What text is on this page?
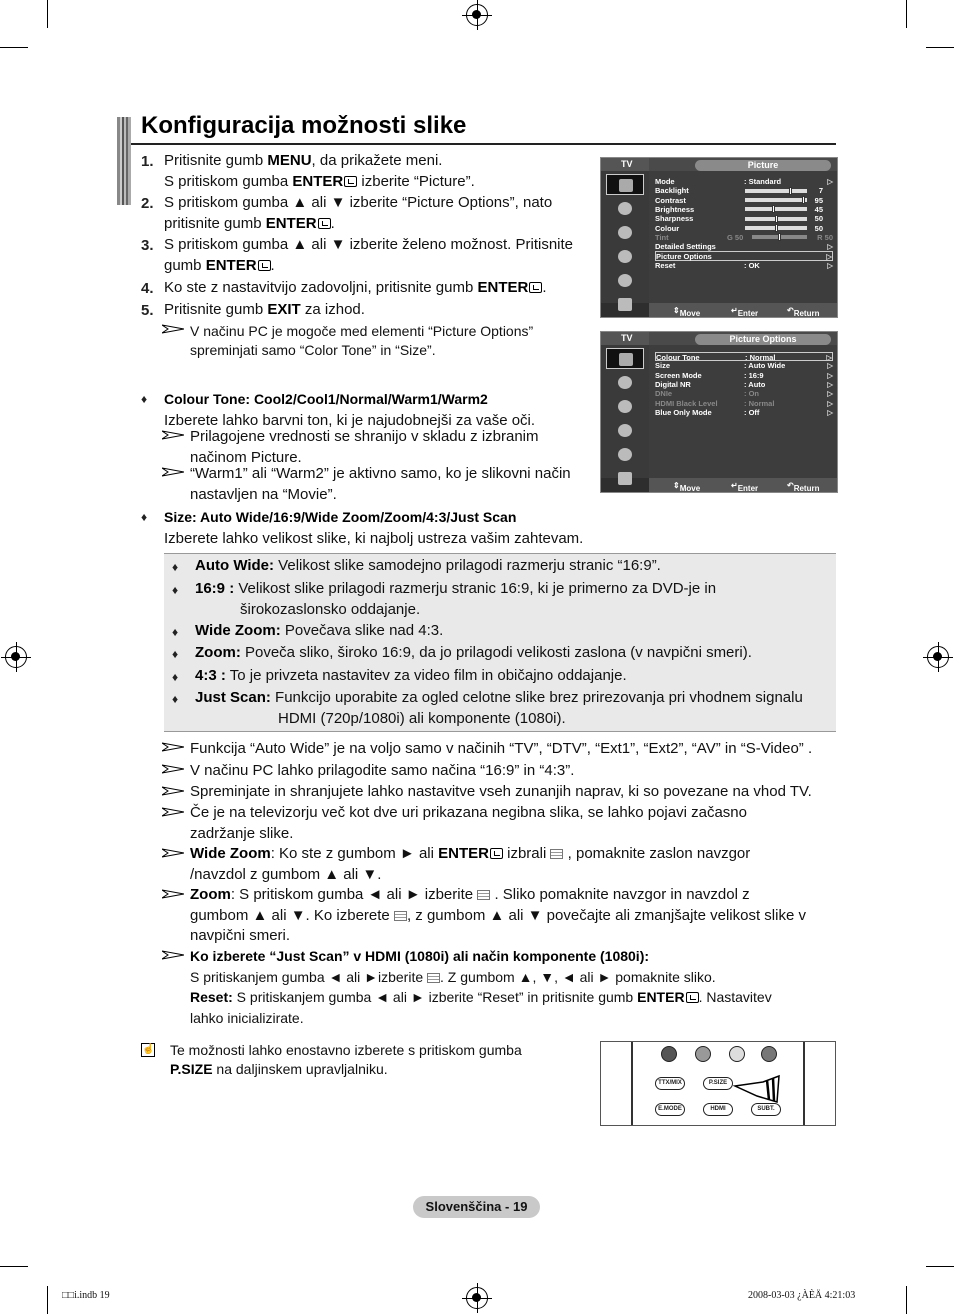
Konfiguracija možnosti slike
1. Pritisnite gumb MENU, da prikažete meni.
S pritiskom gumba ENTER izberite “Picture”.
2. S pritiskom gumba ▲ ali ▼ izberite “Picture Options”, nato
pritisnite gumb ENTER .
3. S pritiskom gumba ▲ ali ▼ izberite želeno možnost. Pritisnite
gumb ENTER .
4. Ko ste z nastavitvijo zadovoljni, pritisnite gumb ENTER .
5. Pritisnite gumb EXIT za izhod.
V načinu PC je mogoče med elementi “Picture Options”
spreminjati samo “Color Tone” in “Size”.
♦ Colour Tone: Cool2/Cool1/Normal/Warm1/Warm2
Izberete lahko barvni ton, ki je najudobnejši za vaše oči.
Prilagojene vrednosti se shranijo v skladu z izbranim
načinom Picture.
“Warm1” ali “Warm2” je aktivno samo, ko je slikovni način
nastavljen na “Movie”.
♦ Size: Auto Wide/16:9/Wide Zoom/Zoom/4:3/Just Scan
Izberete lahko velikost slike, ki najbolj ustreza vašim zahtevam.
♦ Auto Wide: Velikost slike samodejno prilagodi razmerju stranic “16:9”.
♦ 16:9 : Velikost slike prilagodi razmerju stranic 16:9, ki je primerno za DVD-je in
širokozaslonsko oddajanje.
♦ Wide Zoom: Povečava slike nad 4:3.
♦ Zoom: Poveča sliko, široko 16:9, da jo prilagodi velikosti zaslona (v navpični smeri).
♦ 4:3 : To je privzeta nastavitev za video film in običajno oddajanje.
♦ Just Scan: Funkcijo uporabite za ogled celotne slike brez prirezovanja pri vhodnem signalu
HDMI (720p/1080i) ali komponente (1080i).
Funkcija “Auto Wide” je na voljo samo v načinih “TV”, “DTV”, “Ext1”, “Ext2”, “AV” in “S-Video” .
V načinu PC lahko prilagodite samo načina “16:9” in “4:3”.
Spreminjate in shranjujete lahko nastavitve vseh zunanjih naprav, ki so povezane na vhod TV.
Če je na televizorju več kot dve uri prikazana negibna slika, se lahko pojavi začasno
zadržanje slike.
Wide Zoom: Ko ste z gumbom ► ali ENTER izbrali  , pomaknite zaslon navzgor
/navzdol z gumbom ▲ ali ▼.
Zoom: S pritiskom gumba ◄ ali ► izberite  . Sliko pomaknite navzgor in navzdol z
gumbom ▲ ali ▼. Ko izberete , z gumbom ▲ ali ▼ povečajte ali zmanjšajte velikost slike v
navpični smeri.
Ko izberete “Just Scan” v HDMI (1080i) ali način komponente (1080i):
S pritiskanjem gumba ◄ ali ►izberite . Z gumbom ▲, ▼, ◄ ali ► pomaknite sliko.
Reset: S pritiskanjem gumba ◄ ali ► izberite “Reset” in pritisnite gumb ENTER . Nastavitev
lahko inicializirate.
☝ Te možnosti lahko enostavno izberete s pritiskom gumba
P.SIZE na daljinskem upravljalniku.
TV	Picture
Mode	: Standard	▷
Backlight	7
Contrast	95
Brightness	45
Sharpness	50
Colour	50
Tint	G 50	R 50
Detailed Settings	▷
Picture Options	▷
Reset	: OK	▷
⇕ Move	↵ Enter	↶ Return
TV	Picture Options
Colour Tone	: Normal	▷
Size	: Auto Wide	▷
Screen Mode	: 16:9	▷
Digital NR	: Auto	▷
DNIe	: On	▷
HDMI Black Level	: Normal	▷
Blue Only Mode	: Off	▷
⇕ Move	↵ Enter	↶ Return
TTX/MIX	P.SIZE
E.MODE	HDMI	SUBT.
Slovenščina - 19
□□i.indb 19	2008-03-03 ¿ÀÈÄ 4:21:03
